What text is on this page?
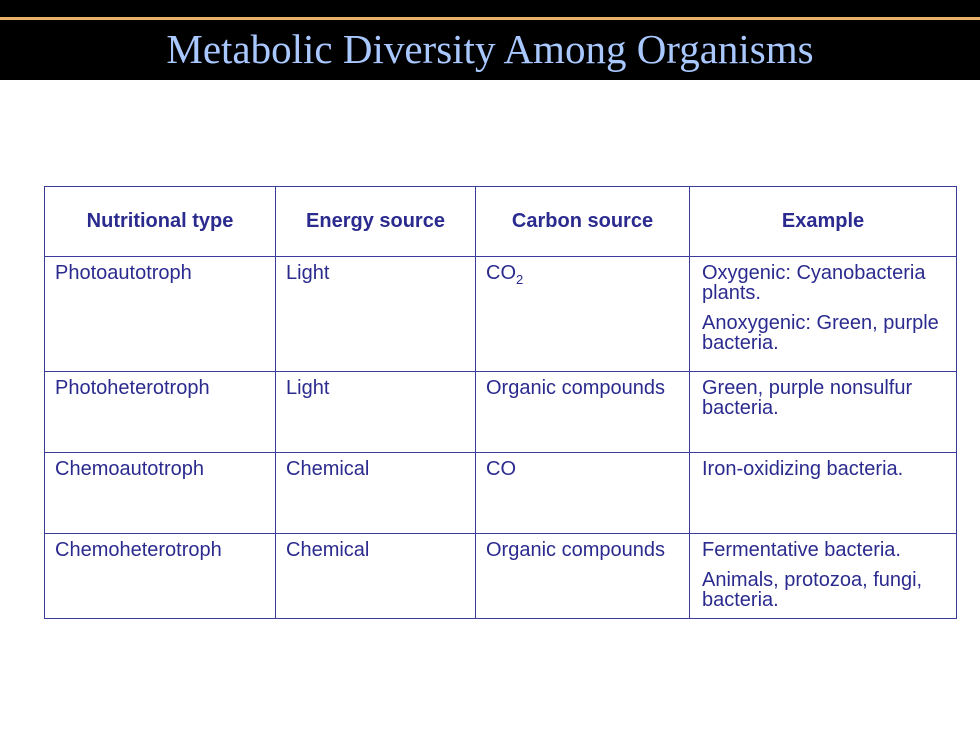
Metabolic Diversity Among Organisms
Nutritional type	Energy source	Carbon source	Example
Photoautotroph	Light	$CO_2$	Oxygenic: Cyanobacteria plants.
Anoxygenic: Green, purple bacteria.

Photoheterotroph	Light	Organic compounds	Green, purple nonsulfur bacteria.

Chemoautotroph	Chemical	CO	Iron-oxidizing bacteria.

Chemoheterotroph	Chemical	Organic compounds	Fermentative bacteria.
Animals, protozoa, fungi, bacteria.
